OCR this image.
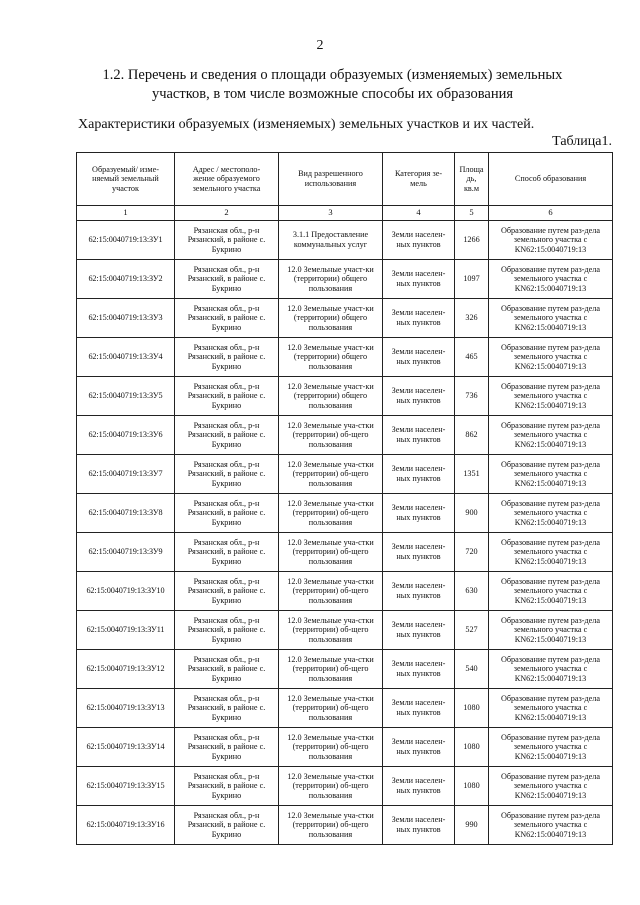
2
1.2. Перечень и сведения о площади образуемых (изменяемых) земельных
участков, в том числе возможные способы их образования
Характеристики образуемых (изменяемых) земельных участков и их частей.
Таблица1.
Образуемый/ изме-
няемый земельный
участок	Адрес / местополо-
жение образуемого
земельного участка	Вид разрешенного
использования	Категория зе-
мель	Площа
дь,
кв.м	Способ образования
1	2	3	4	5	6
62:15:0040719:13:ЗУ1	Рязанская обл., р-н Рязанский, в районе с. Букрино	3.1.1 Предоставление коммунальных услуг	Земли населен-ных пунктов	1266	Образование путем раз-дела земельного участка с КN62:15:0040719:13
62:15:0040719:13:ЗУ2	Рязанская обл., р-н Рязанский, в районе с. Букрино	12.0 Земельные участ-ки (территории) общего пользования	Земли населен-ных пунктов	1097	Образование путем раз-дела земельного участка с КN62:15:0040719:13
62:15:0040719:13:ЗУ3	Рязанская обл., р-н Рязанский, в районе с. Букрино	12.0 Земельные участ-ки (территории) общего пользования	Земли населен-ных пунктов	326	Образование путем раз-дела земельного участка с КN62:15:0040719:13
62:15:0040719:13:ЗУ4	Рязанская обл., р-н Рязанский, в районе с. Букрино	12.0 Земельные участ-ки (территории) общего пользования	Земли населен-ных пунктов	465	Образование путем раз-дела земельного участка с КN62:15:0040719:13
62:15:0040719:13:ЗУ5	Рязанская обл., р-н Рязанский, в районе с. Букрино	12.0 Земельные участ-ки (территории) общего пользования	Земли населен-ных пунктов	736	Образование путем раз-дела земельного участка с КN62:15:0040719:13
62:15:0040719:13:ЗУ6	Рязанская обл., р-н Рязанский, в районе с. Букрино	12.0 Земельные уча-стки (территории) об-щего пользования	Земли населен-ных пунктов	862	Образование путем раз-дела земельного участка с КN62:15:0040719:13
62:15:0040719:13:ЗУ7	Рязанская обл., р-н Рязанский, в районе с. Букрино	12.0 Земельные уча-стки (территории) об-щего пользования	Земли населен-ных пунктов	1351	Образование путем раз-дела земельного участка с КN62:15:0040719:13
62:15:0040719:13:ЗУ8	Рязанская обл., р-н Рязанский, в районе с. Букрино	12.0 Земельные уча-стки (территории) об-щего пользования	Земли населен-ных пунктов	900	Образование путем раз-дела земельного участка с КN62:15:0040719:13
62:15:0040719:13:ЗУ9	Рязанская обл., р-н Рязанский, в районе с. Букрино	12.0 Земельные уча-стки (территории) об-щего пользования	Земли населен-ных пунктов	720	Образование путем раз-дела земельного участка с КN62:15:0040719:13
62:15:0040719:13:ЗУ10	Рязанская обл., р-н Рязанский, в районе с. Букрино	12.0 Земельные уча-стки (территории) об-щего пользования	Земли населен-ных пунктов	630	Образование путем раз-дела земельного участка с КN62:15:0040719:13
62:15:0040719:13:ЗУ11	Рязанская обл., р-н Рязанский, в районе с. Букрино	12.0 Земельные уча-стки (территории) об-щего пользования	Земли населен-ных пунктов	527	Образование путем раз-дела земельного участка с КN62:15:0040719:13
62:15:0040719:13:ЗУ12	Рязанская обл., р-н Рязанский, в районе с. Букрино	12.0 Земельные уча-стки (территории) об-щего пользования	Земли населен-ных пунктов	540	Образование путем раз-дела земельного участка с КN62:15:0040719:13
62:15:0040719:13:ЗУ13	Рязанская обл., р-н Рязанский, в районе с. Букрино	12.0 Земельные уча-стки (территории) об-щего пользования	Земли населен-ных пунктов	1080	Образование путем раз-дела земельного участка с КN62:15:0040719:13
62:15:0040719:13:ЗУ14	Рязанская обл., р-н Рязанский, в районе с. Букрино	12.0 Земельные уча-стки (территории) об-щего пользования	Земли населен-ных пунктов	1080	Образование путем раз-дела земельного участка с КN62:15:0040719:13
62:15:0040719:13:ЗУ15	Рязанская обл., р-н Рязанский, в районе с. Букрино	12.0 Земельные уча-стки (территории) об-щего пользования	Земли населен-ных пунктов	1080	Образование путем раз-дела земельного участка с КN62:15:0040719:13
62:15:0040719:13:ЗУ16	Рязанская обл., р-н Рязанский, в районе с. Букрино	12.0 Земельные уча-стки (территории) об-щего пользования	Земли населен-ных пунктов	990	Образование путем раз-дела земельного участка с КN62:15:0040719:13
